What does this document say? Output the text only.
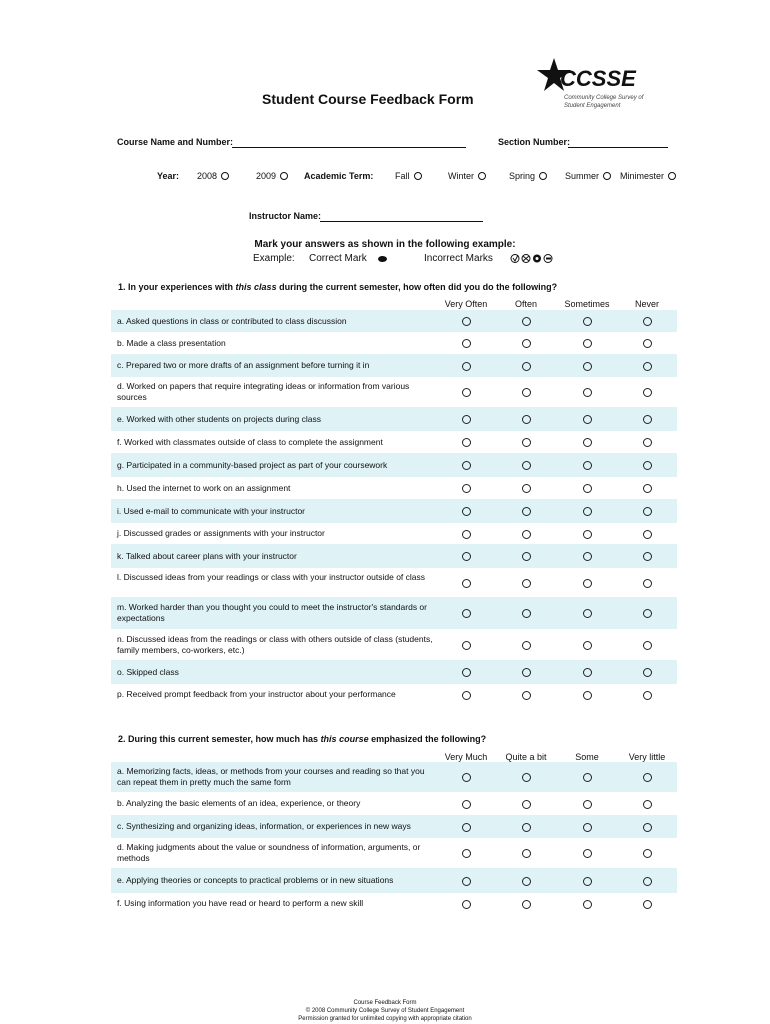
CCSSE
Community College Survey of Student Engagement
Student Course Feedback Form
Course Name and Number:	Section Number:
Year: 2008	2009	Academic Term: Fall	Winter	Spring	Summer	Minimester
Instructor Name:
Mark your answers as shown in the following example:
Example: Correct Mark	Incorrect Marks
1. In your experiences with this class during the current semester, how often did you do the following?
Very Often	Often	Sometimes	Never
a. Asked questions in class or contributed to class discussion
b. Made a class presentation
c. Prepared two or more drafts of an assignment before turning it in
d. Worked on papers that require integrating ideas or information from various sources
e. Worked with other students on projects during class
f. Worked with classmates outside of class to complete the assignment
g. Participated in a community-based project as part of your coursework
h. Used the internet to work on an assignment
i. Used e-mail to communicate with your instructor
j. Discussed grades or assignments with your instructor
k. Talked about career plans with your instructor
l. Discussed ideas from your readings or class with your instructor outside of class
m. Worked harder than you thought you could to meet the instructor's standards or expectations
n. Discussed ideas from the readings or class with others outside of class (students, family members, co-workers, etc.)
o. Skipped class
p. Received prompt feedback from your instructor about your performance
2. During this current semester, how much has this course emphasized the following?
Very Much	Quite a bit	Some	Very little
a. Memorizing facts, ideas, or methods from your courses and reading so that you can repeat them in pretty much the same form
b. Analyzing the basic elements of an idea, experience, or theory
c. Synthesizing and organizing ideas, information, or experiences in new ways
d. Making judgments about the value or soundness of information, arguments, or methods
e. Applying theories or concepts to practical problems or in new situations
f. Using information you have read or heard to perform a new skill
Course Feedback Form
© 2008 Community College Survey of Student Engagement
Permission granted for unlimited copying with appropriate citation
